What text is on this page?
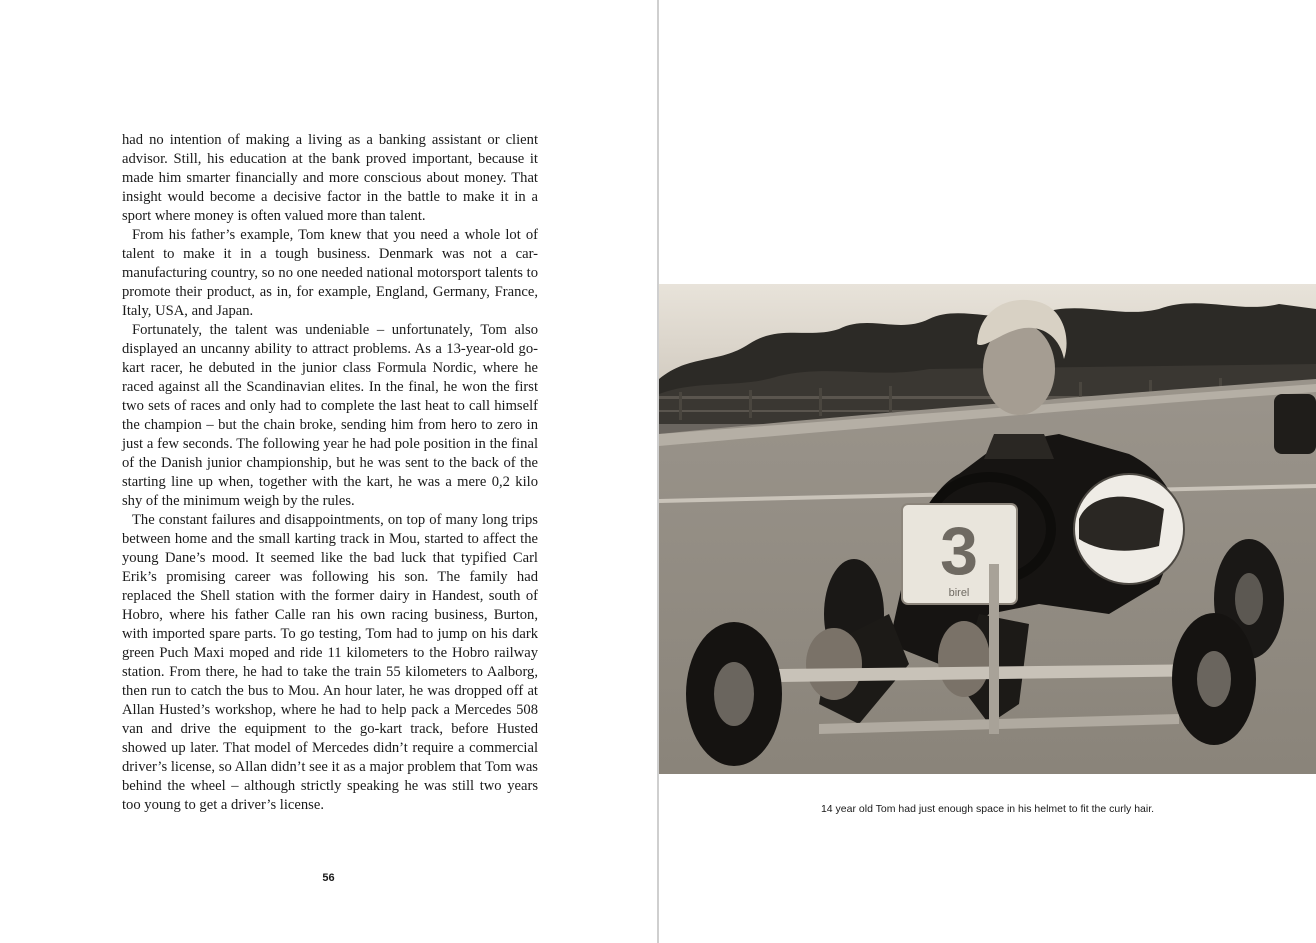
had no intention of making a living as a banking assistant or client advisor. Still, his education at the bank proved important, because it made him smarter financially and more conscious about money. That insight would become a decisive factor in the battle to make it in a sport where money is often valued more than talent.

From his father’s example, Tom knew that you need a whole lot of talent to make it in a tough business. Denmark was not a car-manufacturing country, so no one needed national motorsport talents to promote their product, as in, for example, England, Germany, France, Italy, USA, and Japan.

Fortunately, the talent was undeniable – unfortunately, Tom also displayed an uncanny ability to attract problems. As a 13-year-old go-kart racer, he debuted in the junior class Formula Nordic, where he raced against all the Scandinavian elites. In the final, he won the first two sets of races and only had to complete the last heat to call himself the champion – but the chain broke, sending him from hero to zero in just a few seconds. The following year he had pole position in the final of the Danish junior championship, but he was sent to the back of the starting line up when, together with the kart, he was a mere 0,2 kilo shy of the minimum weigh by the rules.

The constant failures and disappointments, on top of many long trips between home and the small karting track in Mou, started to affect the young Dane’s mood. It seemed like the bad luck that typified Carl Erik’s promising career was following his son. The family had replaced the Shell station with the former dairy in Handest, south of Hobro, where his father Calle ran his own racing business, Burton, with imported spare parts. To go testing, Tom had to jump on his dark green Puch Maxi moped and ride 11 kilometers to the Hobro railway station. From there, he had to take the train 55 kilometers to Aalborg, then run to catch the bus to Mou. An hour later, he was dropped off at Allan Husted’s workshop, where he had to help pack a Mercedes 508 van and drive the equipment to the go-kart track, before Husted showed up later. That model of Mercedes didn’t require a commercial driver’s license, so Allan didn’t see it as a major problem that Tom was behind the wheel – although strictly speaking he was still two years too young to get a driver’s license.

56
3
birel
14 year old Tom had just enough space in his helmet to fit the curly hair.
